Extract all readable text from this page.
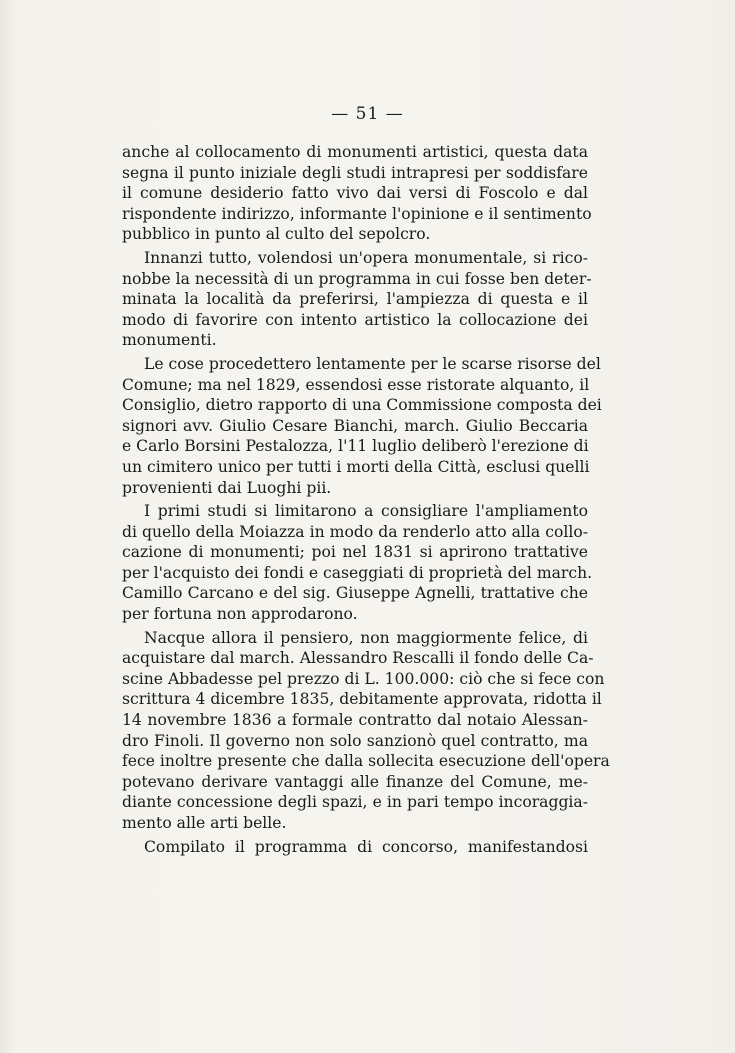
— 51 —
anche al collocamento di monumenti artistici, questa data
segna il punto iniziale degli studi intrapresi per soddisfare
il comune desiderio fatto vivo dai versi di Foscolo e dal
rispondente indirizzo, informante l'opinione e il sentimento
pubblico in punto al culto del sepolcro.
Innanzi tutto, volendosi un'opera monumentale, si rico-
nobbe la necessità di un programma in cui fosse ben deter-
minata la località da preferirsi, l'ampiezza di questa e il
modo di favorire con intento artistico la collocazione dei
monumenti.
Le cose procedettero lentamente per le scarse risorse del
Comune; ma nel 1829, essendosi esse ristorate alquanto, il
Consiglio, dietro rapporto di una Commissione composta dei
signori avv. Giulio Cesare Bianchi, march. Giulio Beccaria
e Carlo Borsini Pestalozza, l'11 luglio deliberò l'erezione di
un cimitero unico per tutti i morti della Città, esclusi quelli
provenienti dai Luoghi pii.
I primi studi si limitarono a consigliare l'ampliamento
di quello della Moiazza in modo da renderlo atto alla collo-
cazione di monumenti; poi nel 1831 si aprirono trattative
per l'acquisto dei fondi e caseggiati di proprietà del march.
Camillo Carcano e del sig. Giuseppe Agnelli, trattative che
per fortuna non approdarono.
Nacque allora il pensiero, non maggiormente felice, di
acquistare dal march. Alessandro Rescalli il fondo delle Ca-
scine Abbadesse pel prezzo di L. 100.000: ciò che si fece con
scrittura 4 dicembre 1835, debitamente approvata, ridotta il
14 novembre 1836 a formale contratto dal notaio Alessan-
dro Finoli. Il governo non solo sanzionò quel contratto, ma
fece inoltre presente che dalla sollecita esecuzione dell'opera
potevano derivare vantaggi alle finanze del Comune, me-
diante concessione degli spazi, e in pari tempo incoraggia-
mento alle arti belle.
Compilato il programma di concorso, manifestandosi
